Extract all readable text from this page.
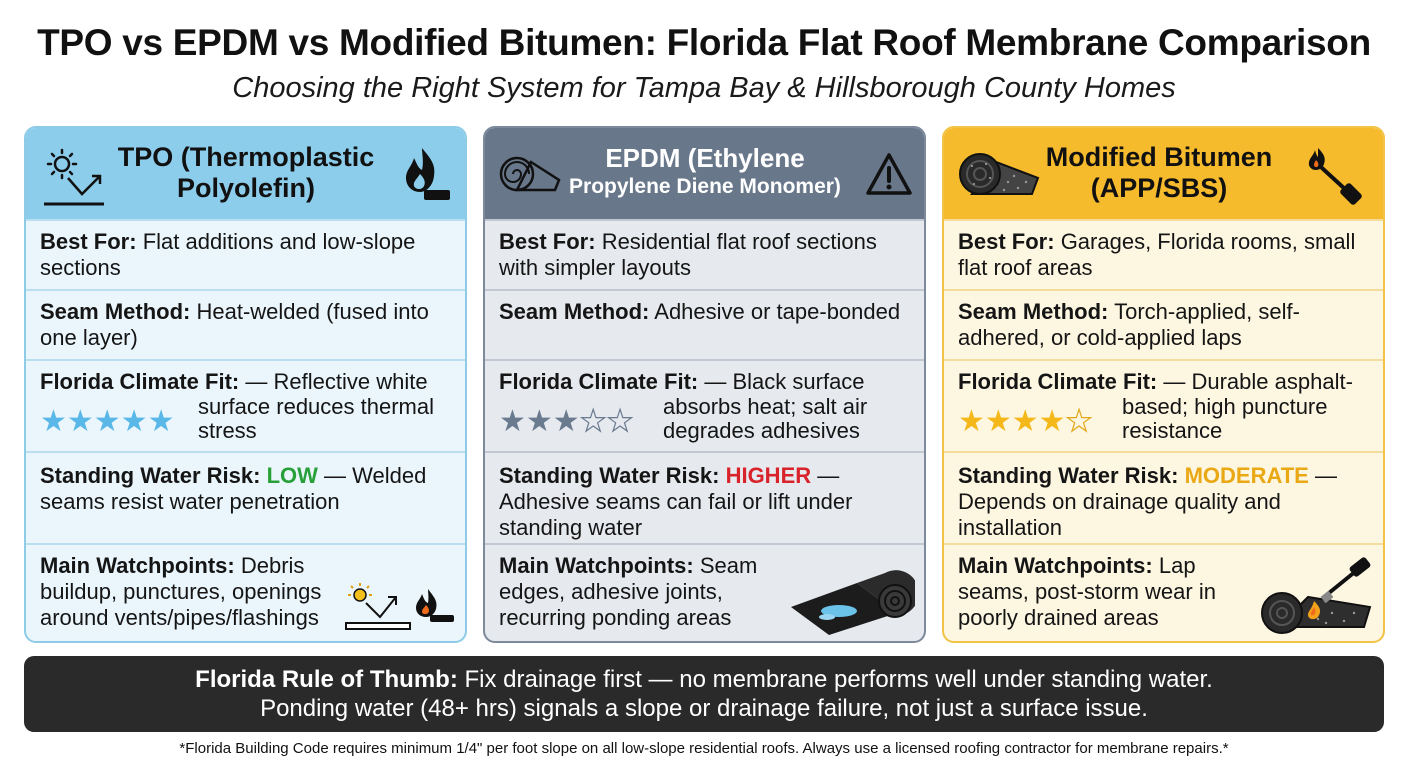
TPO vs EPDM vs Modified Bitumen: Florida Flat Roof Membrane Comparison
Choosing the Right System for Tampa Bay & Hillsborough County Homes
TPO (Thermoplastic
Polyolefin)
Best For: Flat additions and low-slope sections
Seam Method: Heat-welded (fused into one layer)
Florida Climate Fit: — Reflective white
★★★★★ surface reduces thermal stress
Standing Water Risk: LOW — Welded seams resist water penetration
Main Watchpoints: Debris buildup, punctures, openings around vents/pipes/flashings
EPDM (Ethylene
Propylene Diene Monomer)
Best For: Residential flat roof sections with simpler layouts
Seam Method: Adhesive or tape-bonded
Florida Climate Fit: — Black surface
★★★★★ absorbs heat; salt air degrades adhesives
Standing Water Risk: HIGHER — Adhesive seams can fail or lift under standing water
Main Watchpoints: Seam edges, adhesive joints, recurring ponding areas
Modified Bitumen
(APP/SBS)
Best For: Garages, Florida rooms, small flat roof areas
Seam Method: Torch-applied, self-adhered, or cold-applied laps
Florida Climate Fit: — Durable asphalt-
★★★★★ based; high puncture resistance
Standing Water Risk: MODERATE — Depends on drainage quality and installation
Main Watchpoints: Lap seams, post-storm wear in poorly drained areas
Florida Rule of Thumb: Fix drainage first — no membrane performs well under standing water.
Ponding water (48+ hrs) signals a slope or drainage failure, not just a surface issue.
*Florida Building Code requires minimum 1/4" per foot slope on all low-slope residential roofs. Always use a licensed roofing contractor for membrane repairs.*
